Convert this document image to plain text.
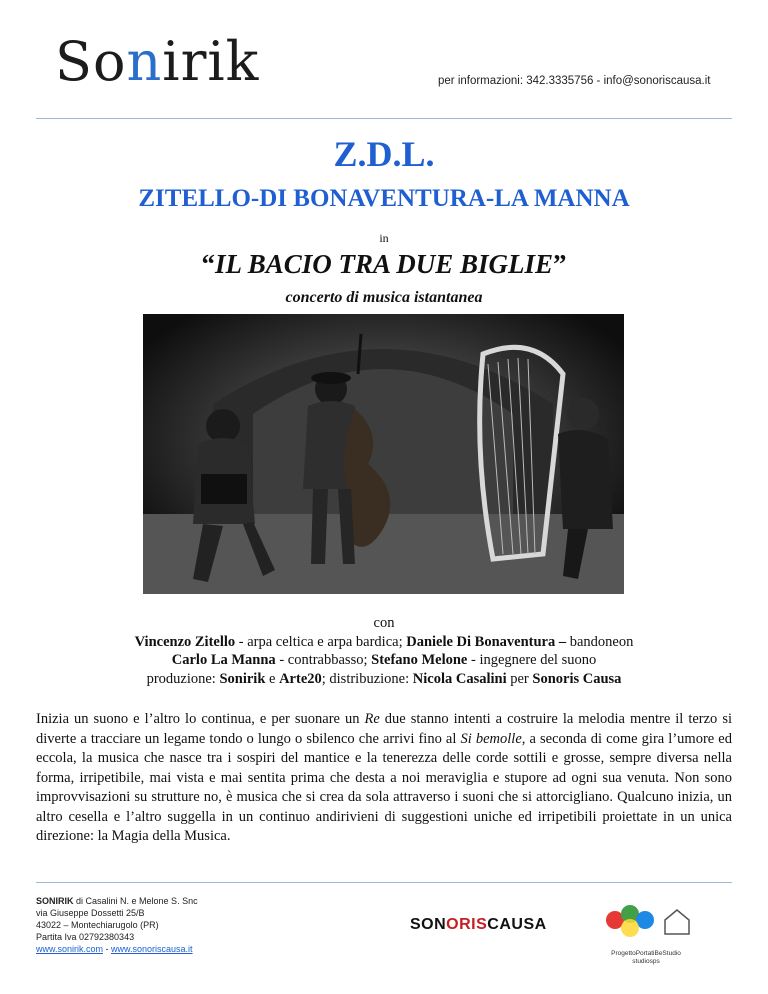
Sonirik	per informazioni: 342.3335756 - info@sonoriscausa.it
Z.D.L.
ZITELLO-DI BONAVENTURA-LA MANNA
in
“IL BACIO TRA DUE BIGLIE”
concerto di musica istantanea
con
Vincenzo Zitello - arpa celtica e arpa bardica; Daniele Di Bonaventura – bandoneon
Carlo La Manna - contrabbasso; Stefano Melone - ingegnere del suono
produzione: Sonirik e Arte20; distribuzione: Nicola Casalini per Sonoris Causa
Inizia un suono e l’altro lo continua, e per suonare un Re due stanno intenti a costruire la melodia mentre il terzo si diverte a tracciare un legame tondo o lungo o sbilenco che arrivi fino al Si bemolle, a seconda di come gira l’umore ed eccola, la musica che nasce tra i sospiri del mantice e la tenerezza delle corde sottili e grosse, sempre diversa nella forma, irripetibile, mai vista e mai sentita prima che desta a noi meraviglia e stupore ad ogni sua venuta. Non sono improvvisazioni su strutture no, è musica che si crea da sola attraverso i suoni che si attorcigliano. Qualcuno inizia, un altro cesella e l’altro suggella in un continuo andirivieni di suggestioni uniche ed irripetibili proiettate in un unica direzione: la Magia della Musica.
SONIRIK di Casalini N. e Melone S. Snc
via Giuseppe Dossetti 25/B
43022 – Montechiarugolo (PR)
Partita Iva 02792380343
www.sonirik.com - www.sonoriscausa.it
SONORISCAUSA
ProgettoPortatiBeStudio
studiosps
